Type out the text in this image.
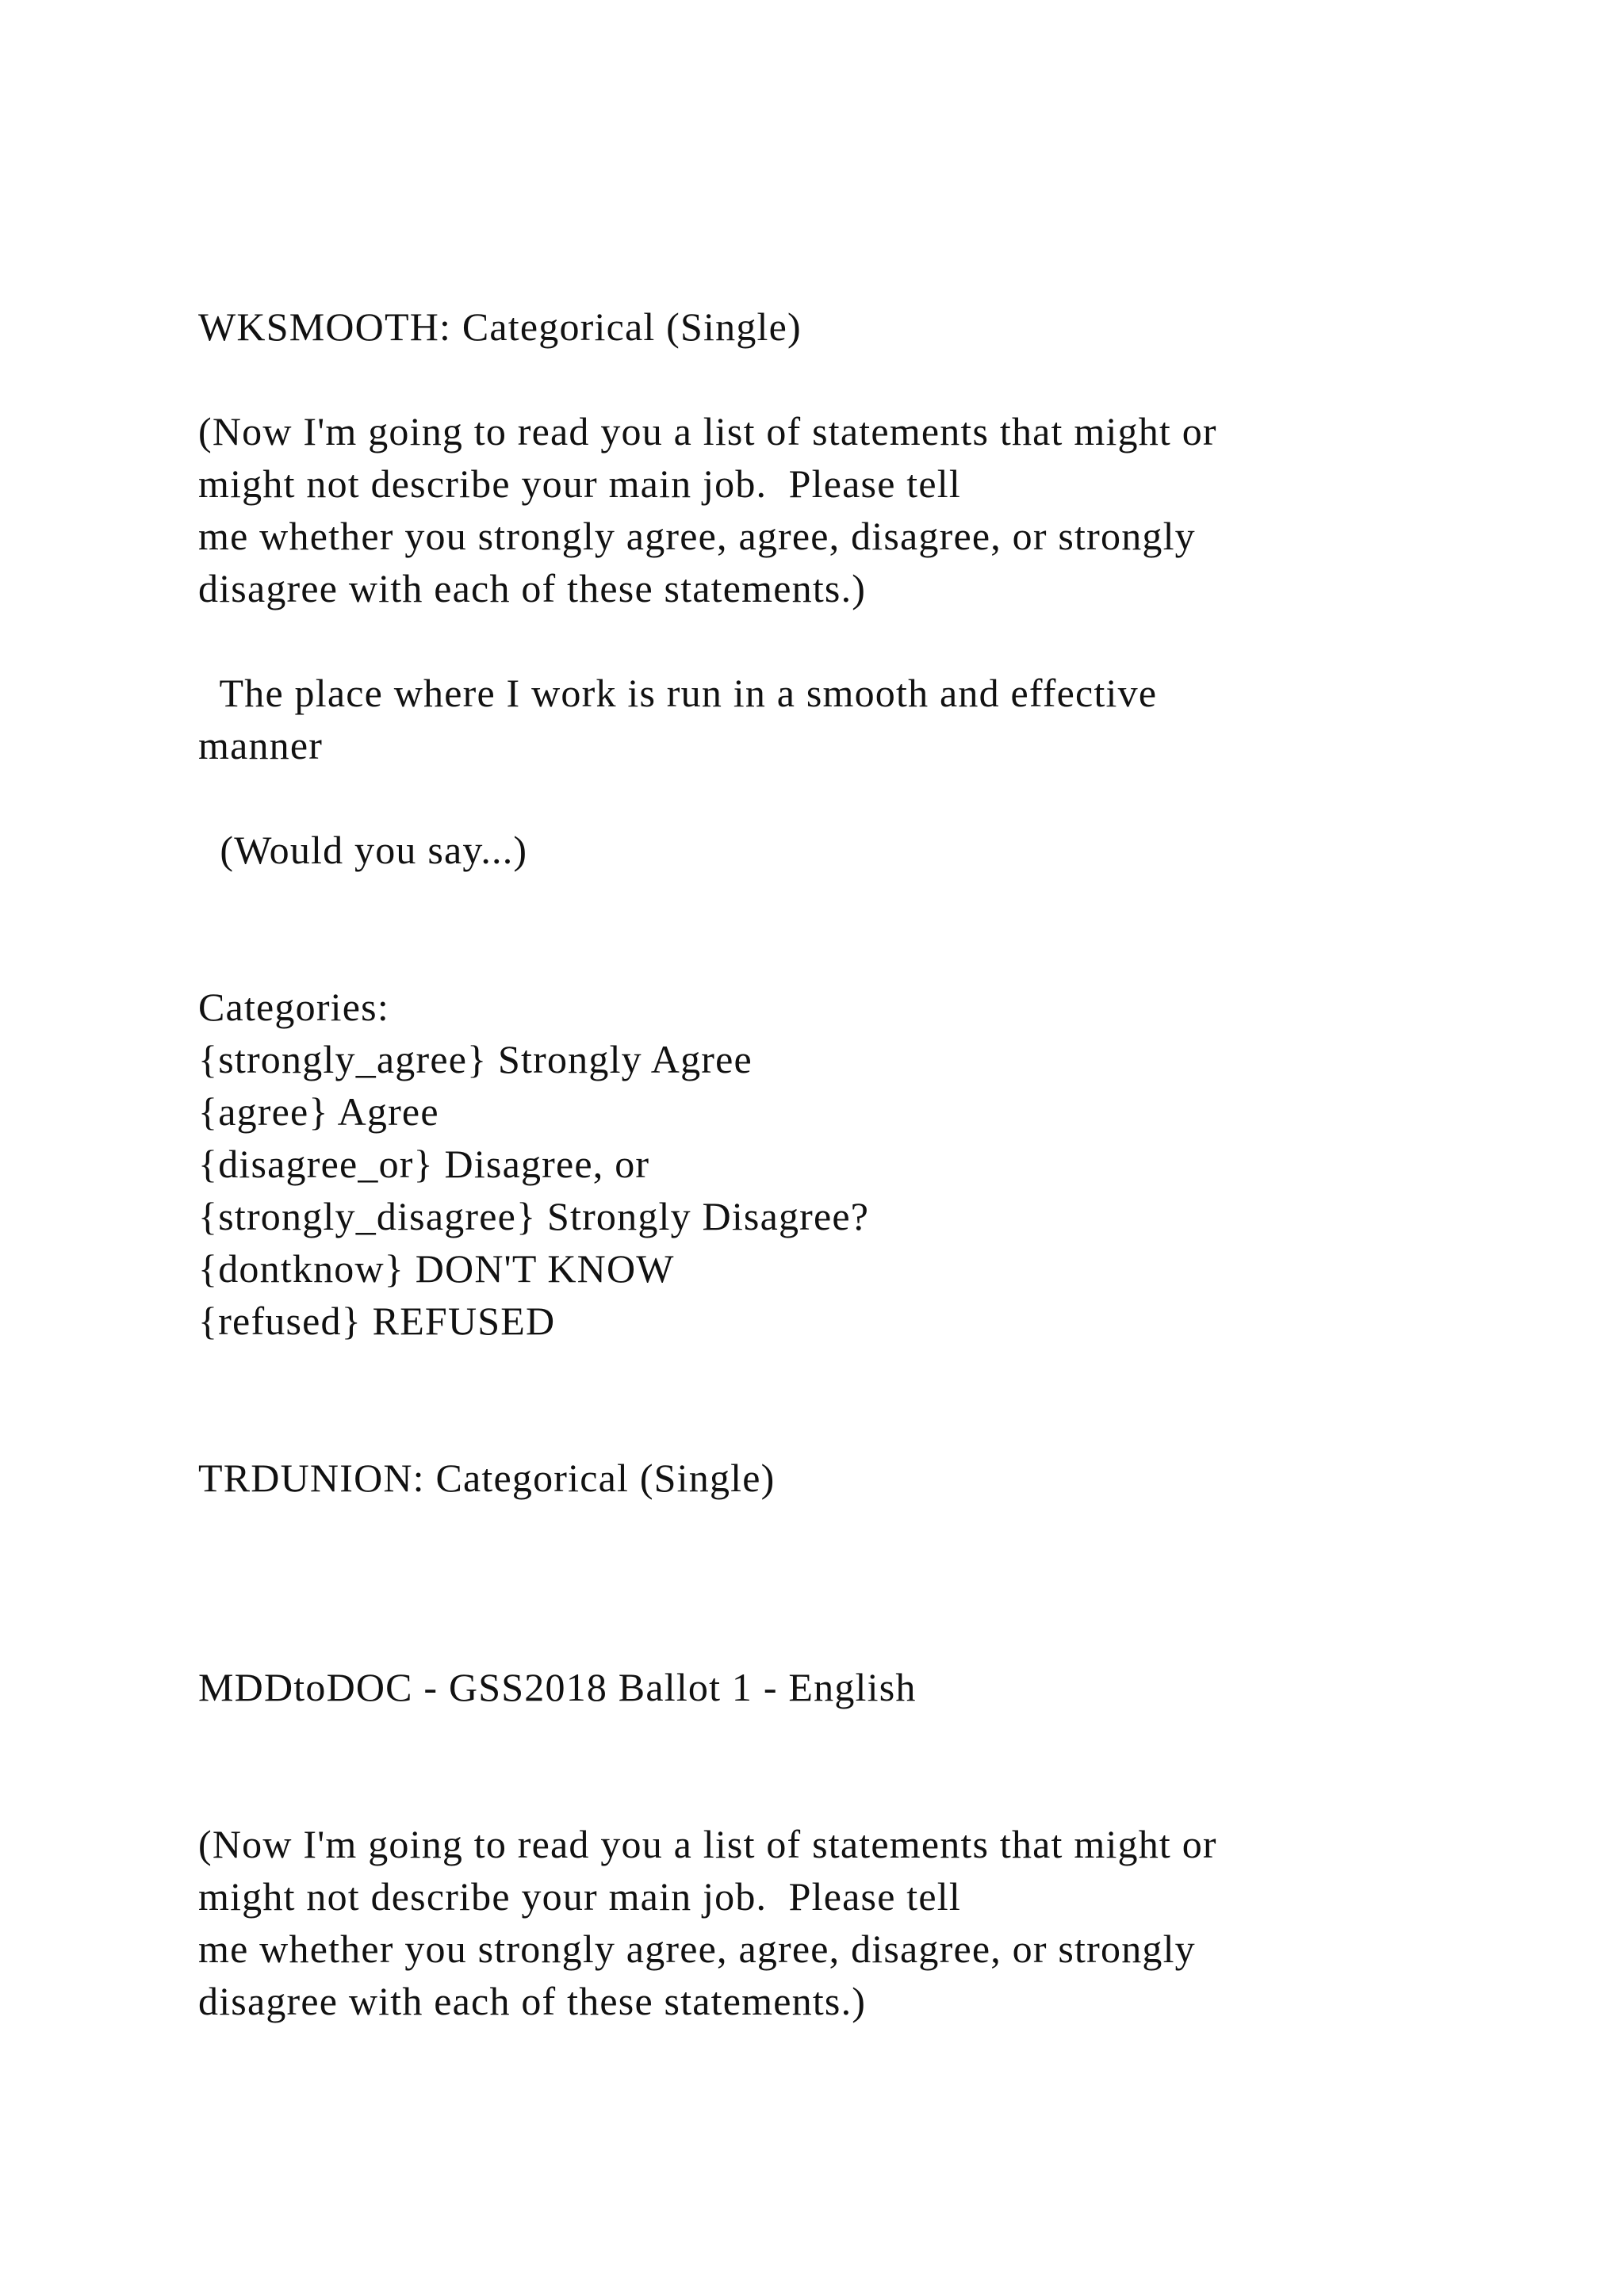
WKSMOOTH: Categorical (Single)
(Now I'm going to read you a list of statements that might or
might not describe your main job.  Please tell
me whether you strongly agree, agree, disagree, or strongly
disagree with each of these statements.)
The place where I work is run in a smooth and effective
manner
(Would you say...)
Categories:
{strongly_agree} Strongly Agree
{agree} Agree
{disagree_or} Disagree, or
{strongly_disagree} Strongly Disagree?
{dontknow} DON'T KNOW
{refused} REFUSED
TRDUNION: Categorical (Single)
MDDtoDOC - GSS2018 Ballot 1 - English
(Now I'm going to read you a list of statements that might or
might not describe your main job.  Please tell
me whether you strongly agree, agree, disagree, or strongly
disagree with each of these statements.)
